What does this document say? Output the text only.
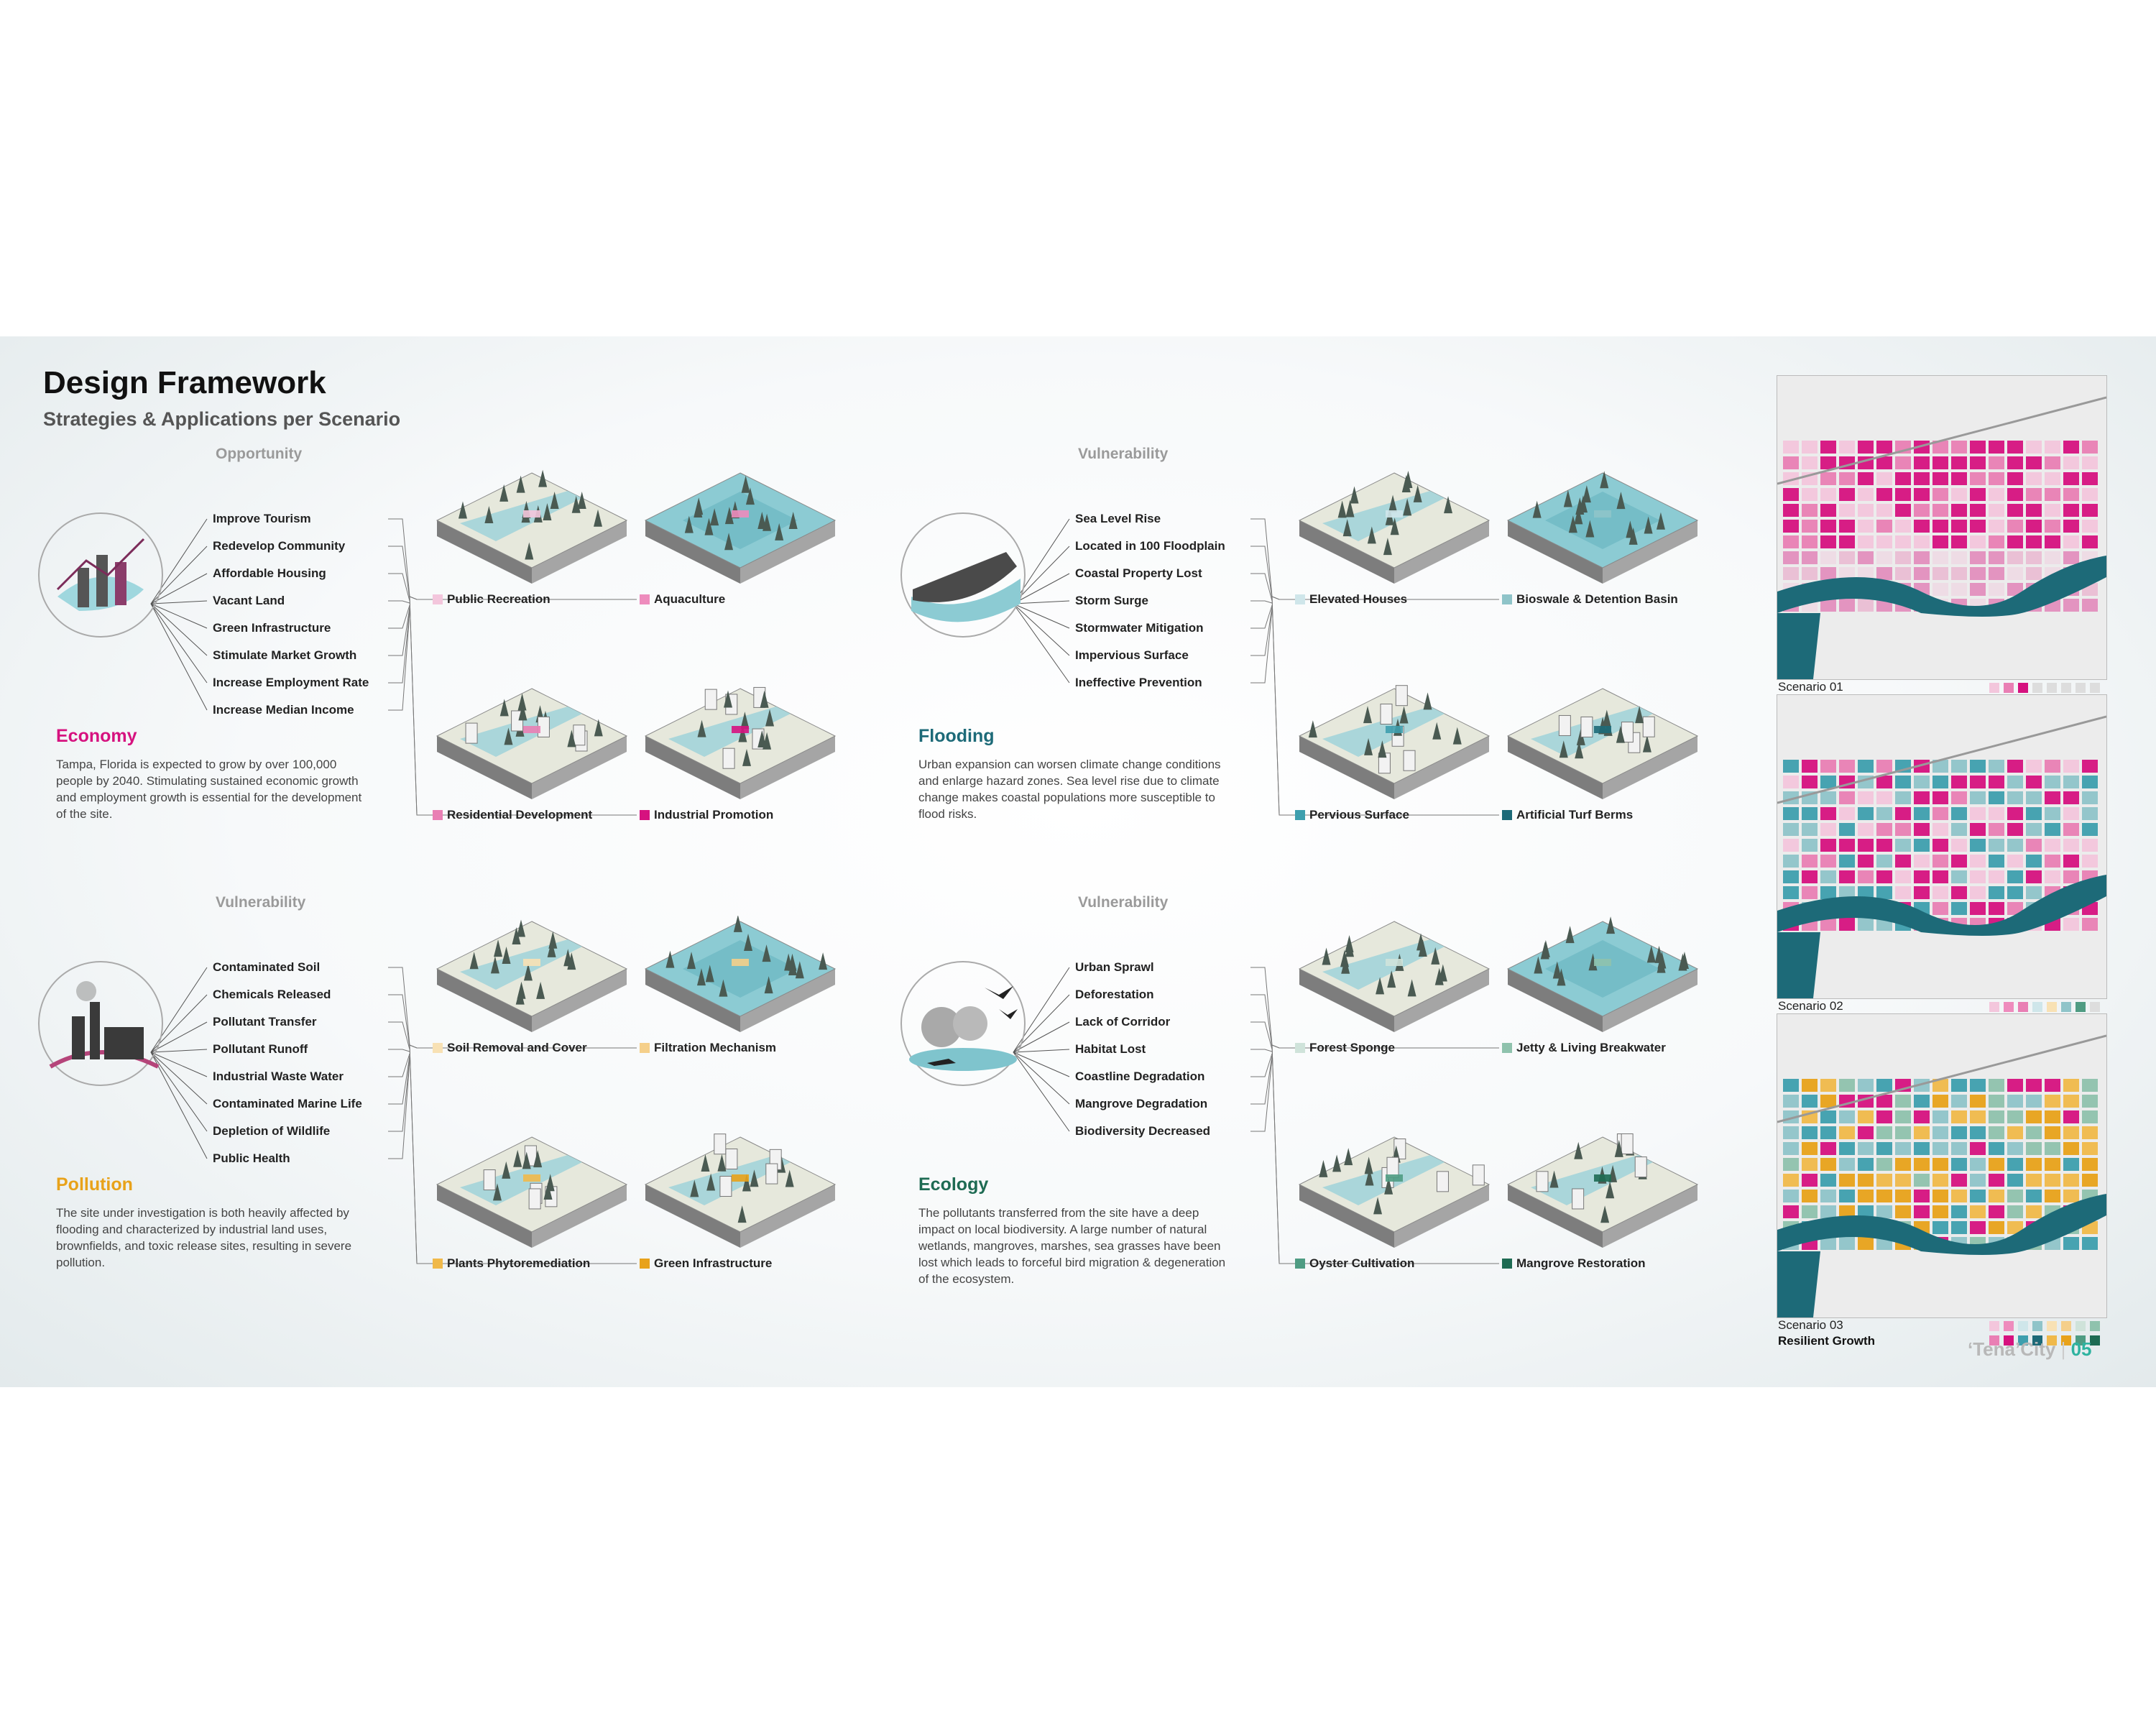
Design Framework
Strategies & Applications per Scenario
Opportunity
Improve Tourism
Redevelop Community
Affordable Housing
Vacant Land
Green Infrastructure
Stimulate Market Growth
Increase Employment Rate
Increase Median Income
Economy
Tampa, Florida is expected to grow by over 100,000 people by 2040. Stimulating sustained economic growth and employment growth is essential for the development of the site.
Public Recreation	Aquaculture
Residential Development	Industrial Promotion
Vulnerability
Sea Level Rise
Located in 100 Floodplain
Coastal Property Lost
Storm Surge
Stormwater Mitigation
Impervious Surface
Ineffective Prevention
Flooding
Urban expansion can worsen climate change conditions and enlarge hazard zones. Sea level rise due to climate change makes coastal populations more susceptible to flood risks.
Elevated Houses	Bioswale & Detention Basin
Pervious Surface	Artificial Turf Berms
Vulnerability
Contaminated Soil
Chemicals Released
Pollutant Transfer
Pollutant Runoff
Industrial Waste Water
Contaminated Marine Life
Depletion of Wildlife
Public Health
Pollution
The site under investigation is both heavily affected by flooding and characterized by industrial land uses, brownfields, and toxic release sites, resulting in severe pollution.
Soil Removal and Cover	Filtration Mechanism
Plants Phytoremediation	Green Infrastructure
Vulnerability
Urban Sprawl
Deforestation
Lack of Corridor
Habitat Lost
Coastline Degradation
Mangrove Degradation
Biodiversity Decreased
Ecology
The pollutants transferred from the site have a deep impact on local biodiversity. A large number of natural wetlands, mangroves, marshes, sea grasses have been lost which leads to forceful bird migration & degeneration of the ecosystem.
Forest Sponge	Jetty & Living Breakwater
Oyster Cultivation	Mangrove Restoration
Scenario 01
Scenario 02
Scenario 03
Resilient Growth	‘Tena’City | 05
